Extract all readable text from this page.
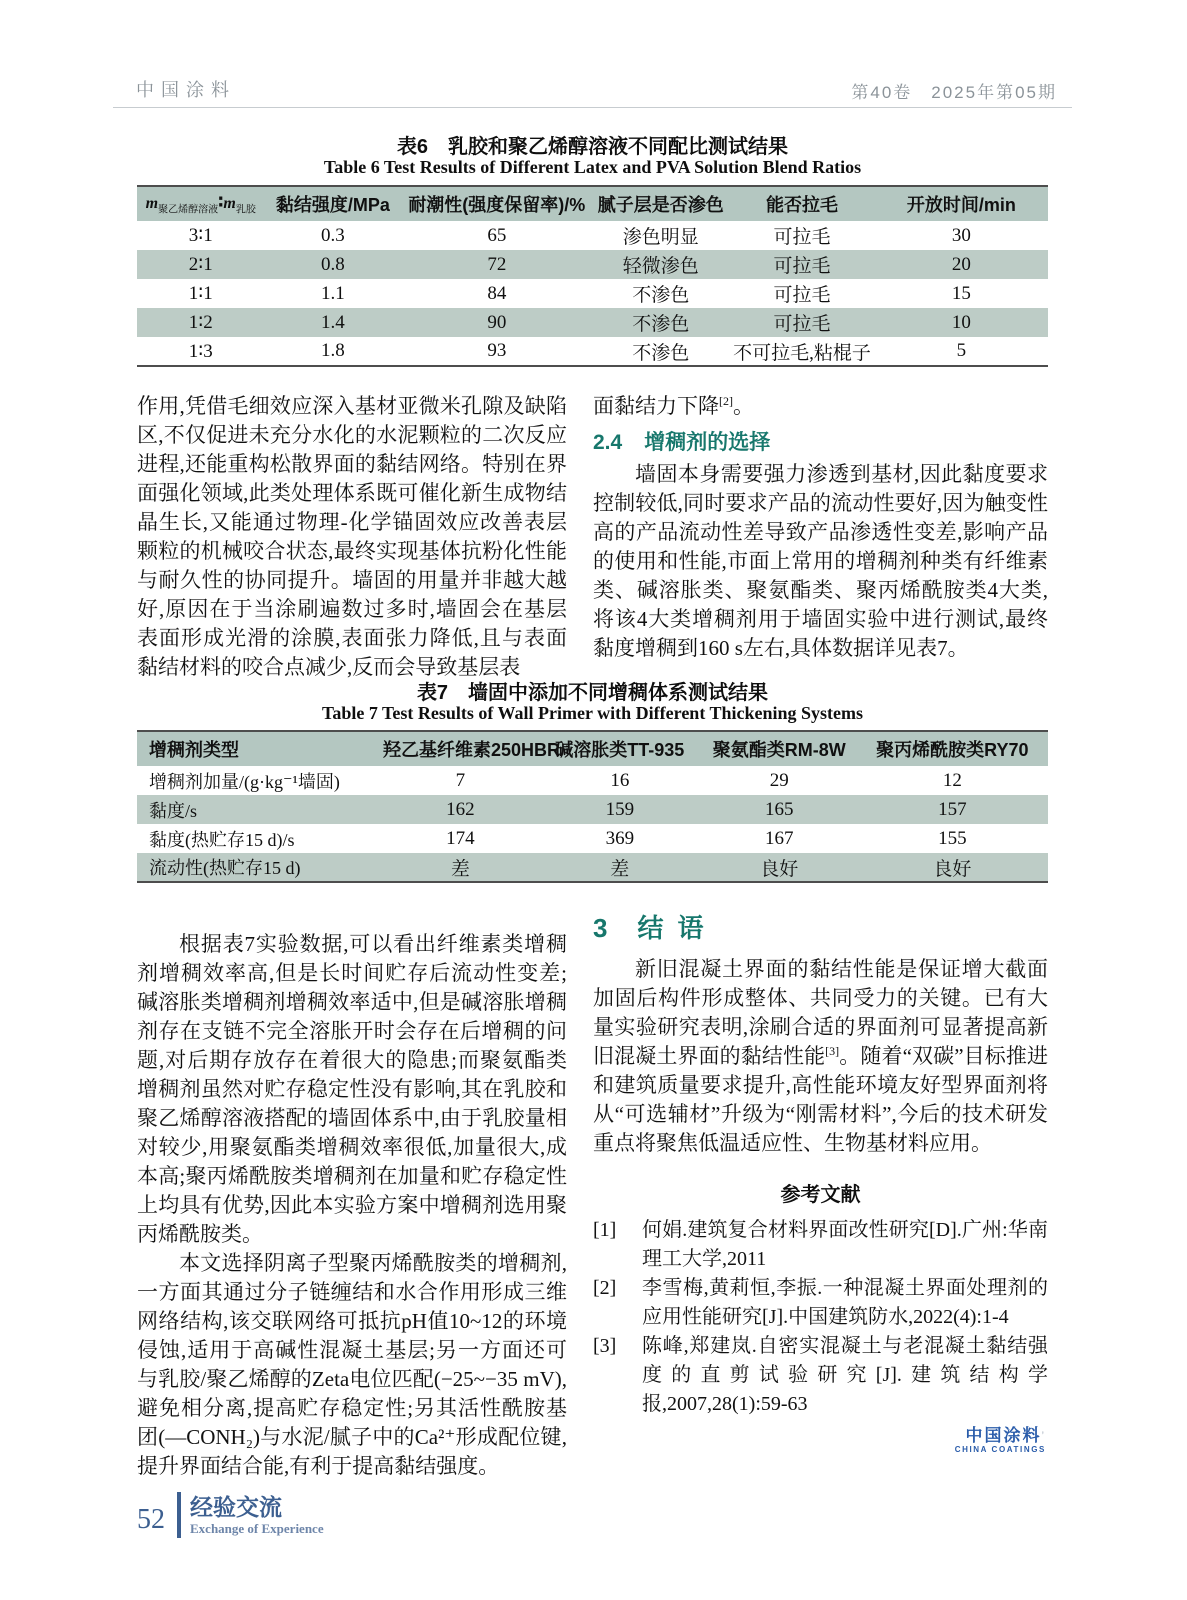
中国涂料	第40卷　2025年第05期
表6　乳胶和聚乙烯醇溶液不同配比测试结果
Table 6 Test Results of Different Latex and PVA Solution Blend Ratios
$m_{聚乙烯醇溶液}∶m_{乳胶}$	黏结强度/MPa	耐潮性(强度保留率)/%	腻子层是否渗色	能否拉毛	开放时间/min
3∶1	0.3	65	渗色明显	可拉毛	30
2∶1	0.8	72	轻微渗色	可拉毛	20
1∶1	1.1	84	不渗色	可拉毛	15
1∶2	1.4	90	不渗色	可拉毛	10
1∶3	1.8	93	不渗色	不可拉毛,粘棍子	5

作用,凭借毛细效应深入基材亚微米孔隙及缺陷区,不仅促进未充分水化的水泥颗粒的二次反应进程,还能重构松散界面的黏结网络。特别在界面强化领域,此类处理体系既可催化新生成物结晶生长,又能通过物理-化学锚固效应改善表层颗粒的机械咬合状态,最终实现基体抗粉化性能与耐久性的协同提升。墙固的用量并非越大越好,原因在于当涂刷遍数过多时,墙固会在基层表面形成光滑的涂膜,表面张力降低,且与表面黏结材料的咬合点减少,反而会导致基层表

面黏结力下降[2]。

2.4 增稠剂的选择

墙固本身需要强力渗透到基材,因此黏度要求控制较低,同时要求产品的流动性要好,因为触变性高的产品流动性差导致产品渗透性变差,影响产品的使用和性能,市面上常用的增稠剂种类有纤维素类、碱溶胀类、聚氨酯类、聚丙烯酰胺类4大类,将该4大类增稠剂用于墙固实验中进行测试,最终黏度增稠到160 s左右,具体数据详见表7。

表7　墙固中添加不同增稠体系测试结果
Table 7 Test Results of Wall Primer with Different Thickening Systems
增稠剂类型	羟乙基纤维素250HBR	碱溶胀类TT-935	聚氨酯类RM-8W	聚丙烯酰胺类RY70
增稠剂加量/(g·kg⁻¹墙固)	7	16	29	12
黏度/s	162	159	165	157
黏度(热贮存15 d)/s	174	369	167	155
流动性(热贮存15 d)	差	差	良好	良好

根据表7实验数据,可以看出纤维素类增稠剂增稠效率高,但是长时间贮存后流动性变差;碱溶胀类增稠剂增稠效率适中,但是碱溶胀增稠剂存在支链不完全溶胀开时会存在后增稠的问题,对后期存放存在着很大的隐患;而聚氨酯类增稠剂虽然对贮存稳定性没有影响,其在乳胶和聚乙烯醇溶液搭配的墙固体系中,由于乳胶量相对较少,用聚氨酯类增稠效率很低,加量很大,成本高;聚丙烯酰胺类增稠剂在加量和贮存稳定性上均具有优势,因此本实验方案中增稠剂选用聚丙烯酰胺类。

本文选择阴离子型聚丙烯酰胺类的增稠剂,一方面其通过分子链缠结和水合作用形成三维网络结构,该交联网络可抵抗pH值10~12的环境侵蚀,适用于高碱性混凝土基层;另一方面还可与乳胶/聚乙烯醇的Zeta电位匹配(−25~−35 mV),避免相分离,提高贮存稳定性;另其活性酰胺基团(—CONH₂)与水泥/腻子中的Ca²⁺形成配位键,提升界面结合能,有利于提高黏结强度。

3 结语

新旧混凝土界面的黏结性能是保证增大截面加固后构件形成整体、共同受力的关键。已有大量实验研究表明,涂刷合适的界面剂可显著提高新旧混凝土界面的黏结性能[3]。随着“双碳”目标推进和建筑质量要求提升,高性能环境友好型界面剂将从“可选辅材”升级为“刚需材料”,今后的技术研发重点将聚焦低温适应性、生物基材料应用。

参考文献
[1]	何娟.建筑复合材料界面改性研究[D].广州:华南理工大学,2011
[2]	李雪梅,黄莉恒,李振.一种混凝土界面处理剂的应用性能研究[J].中国建筑防水,2022(4):1-4
[3]	陈峰,郑建岚.自密实混凝土与老混凝土黏结强度的直剪试验研究[J].建筑结构学报,2007,28(1):59-63
中国涂料’
CHINA COATINGS
52 经验交流
Exchange of Experience
